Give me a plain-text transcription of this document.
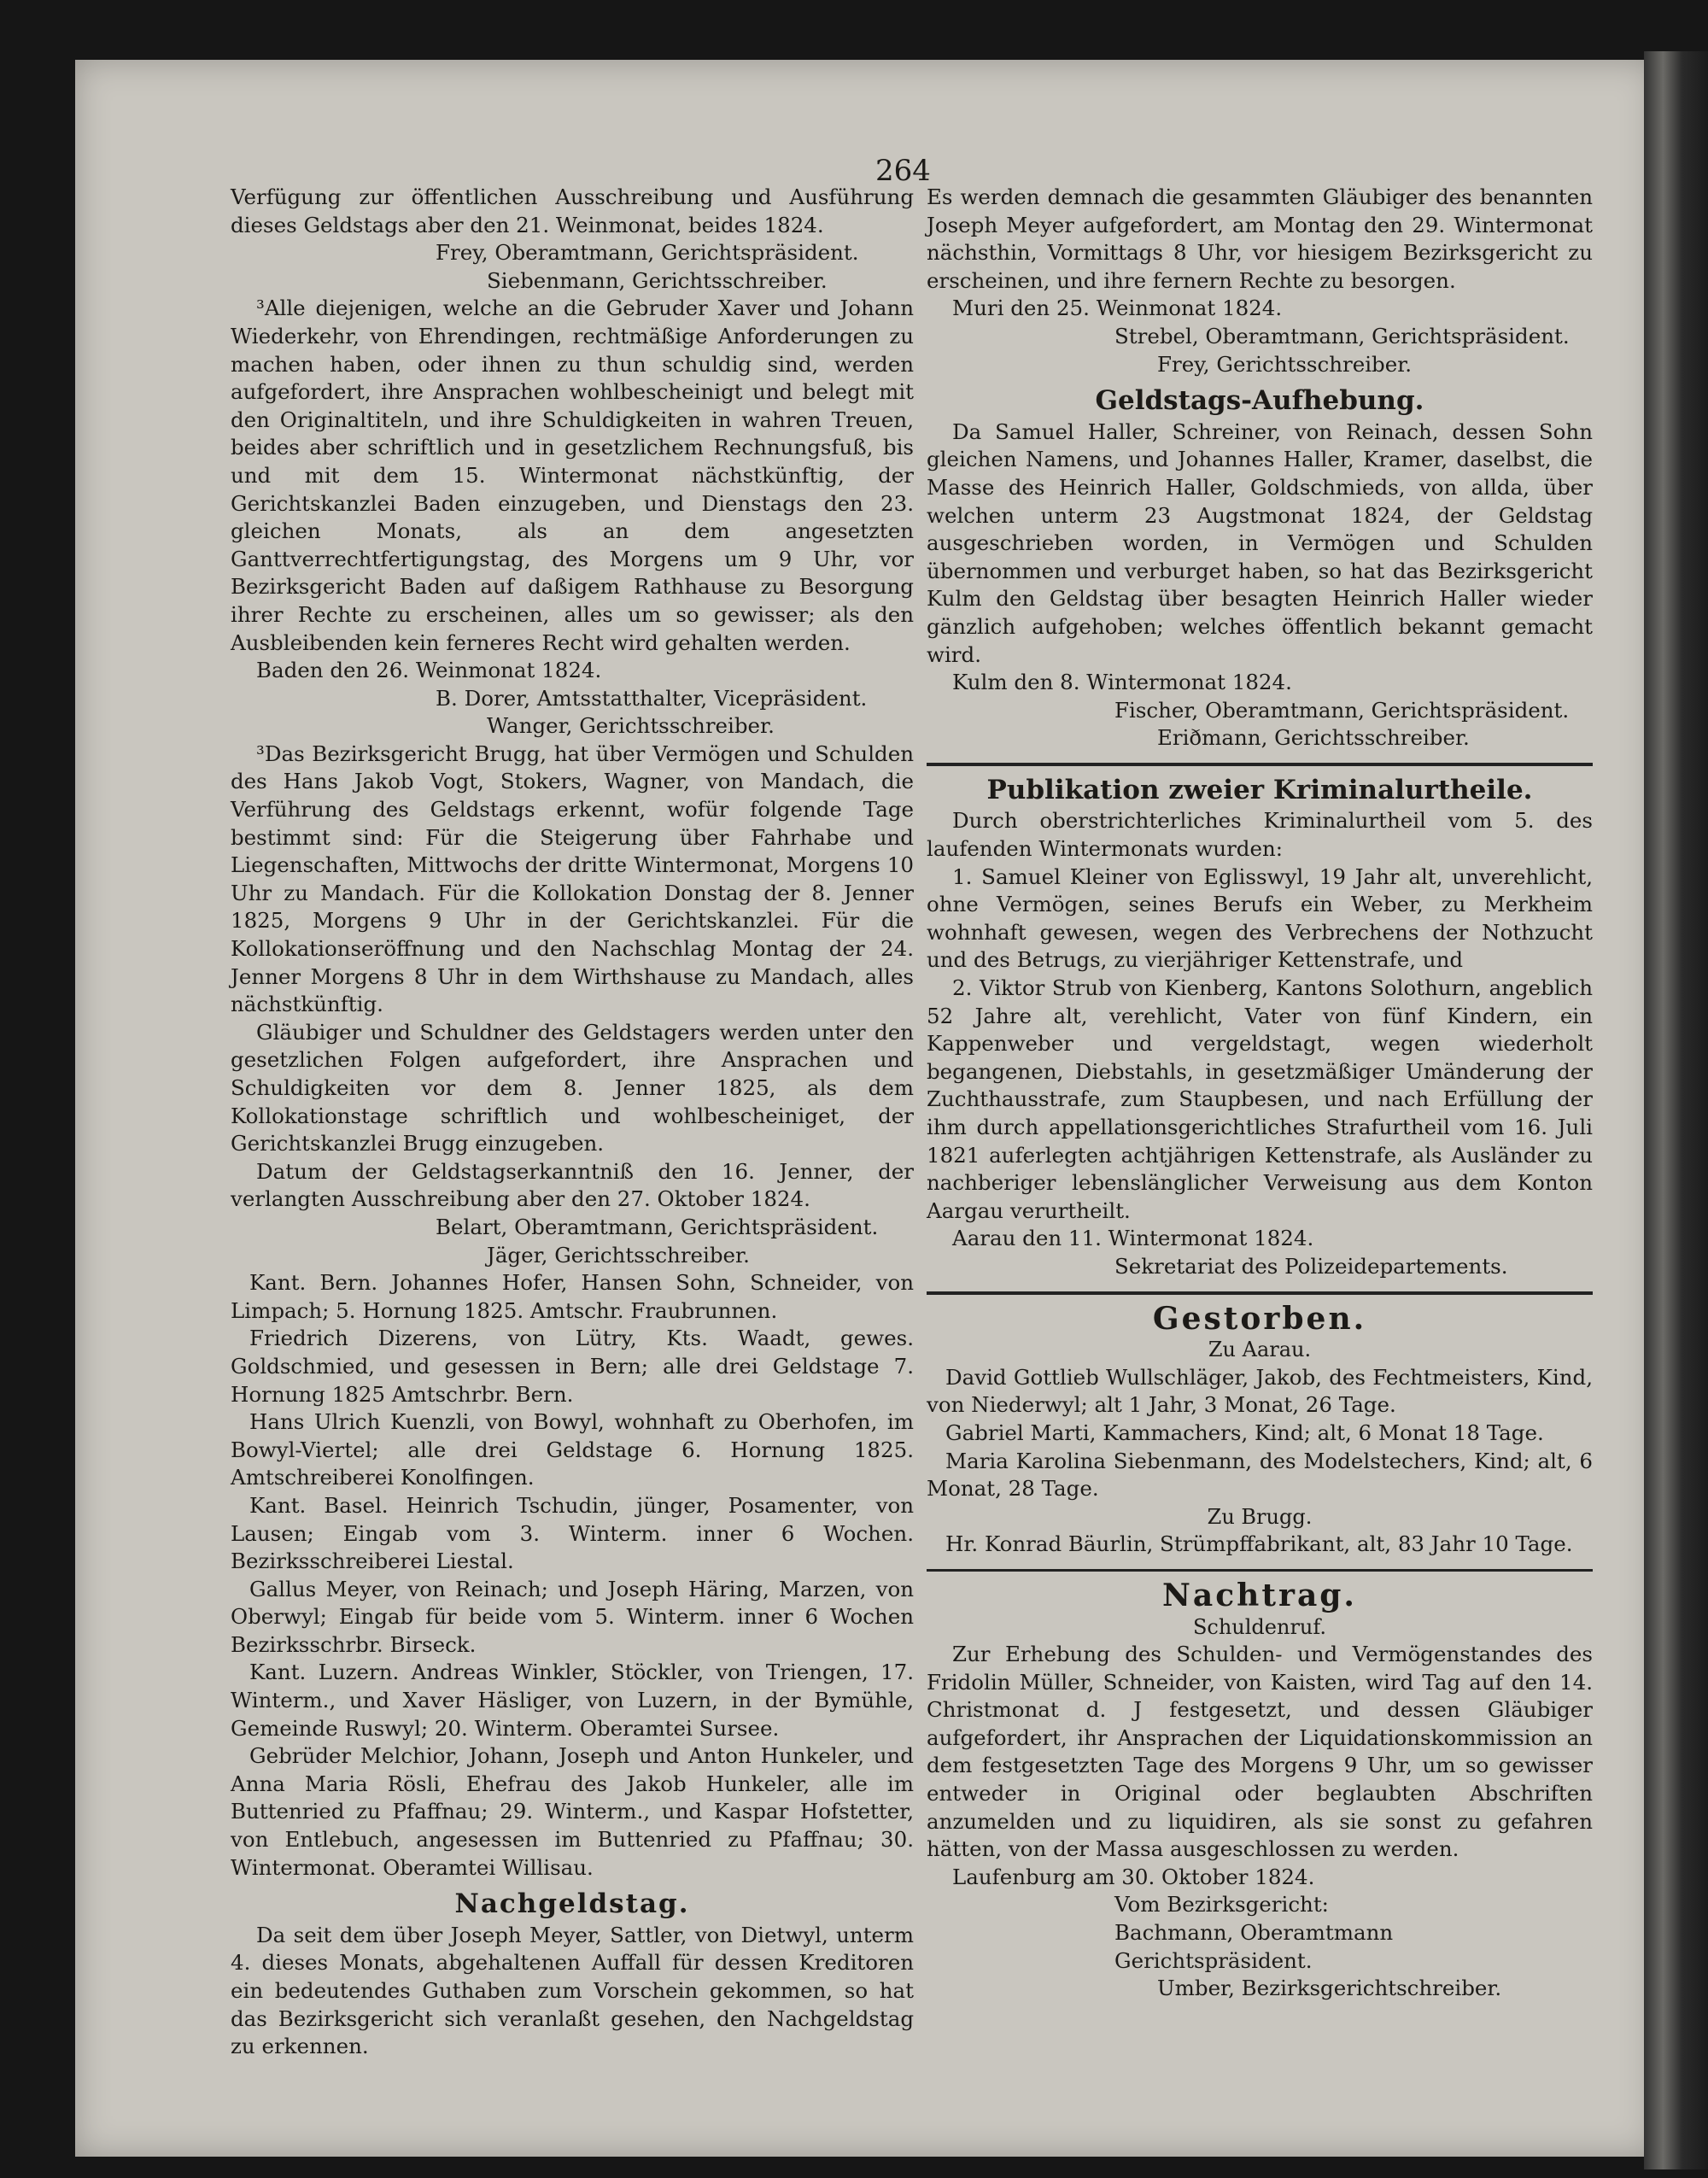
264

Verfügung zur öffentlichen Ausschreibung und Ausführung dieses Geldstags aber den 21. Weinmonat, beides 1824.

Frey, Oberamtmann, Gerichtspräsident.

Siebenmann, Gerichtsschreiber.

³Alle diejenigen, welche an die Gebruder Xaver und Johann Wiederkehr, von Ehrendingen, rechtmäßige Anforderungen zu machen haben, oder ihnen zu thun schuldig sind, werden aufgefordert, ihre Ansprachen wohlbescheinigt und belegt mit den Originaltiteln, und ihre Schuldigkeiten in wahren Treuen, beides aber schriftlich und in gesetzlichem Rechnungsfuß, bis und mit dem 15. Wintermonat nächstkünftig, der Gerichtskanzlei Baden einzugeben, und Dienstags den 23. gleichen Monats, als an dem angesetzten Ganttverrechtfertigungstag, des Morgens um 9 Uhr, vor Bezirksgericht Baden auf daßigem Rathhause zu Besorgung ihrer Rechte zu erscheinen, alles um so gewisser; als den Ausbleibenden kein ferneres Recht wird gehalten werden.

Baden den 26. Weinmonat 1824.

B. Dorer, Amtsstatthalter, Vicepräsident.

Wanger, Gerichtsschreiber.

³Das Bezirksgericht Brugg, hat über Vermögen und Schulden des Hans Jakob Vogt, Stokers, Wagner, von Mandach, die Verführung des Geldstags erkennt, wofür folgende Tage bestimmt sind: Für die Steigerung über Fahrhabe und Liegenschaften, Mittwochs der dritte Wintermonat, Morgens 10 Uhr zu Mandach. Für die Kollokation Donstag der 8. Jenner 1825, Morgens 9 Uhr in der Gerichtskanzlei. Für die Kollokationseröffnung und den Nachschlag Montag der 24. Jenner Morgens 8 Uhr in dem Wirthshause zu Mandach, alles nächstkünftig.

Gläubiger und Schuldner des Geldstagers werden unter den gesetzlichen Folgen aufgefordert, ihre Ansprachen und Schuldigkeiten vor dem 8. Jenner 1825, als dem Kollokationstage schriftlich und wohlbescheiniget, der Gerichtskanzlei Brugg einzugeben.

Datum der Geldstagserkanntniß den 16. Jenner, der verlangten Ausschreibung aber den 27. Oktober 1824.

Belart, Oberamtmann, Gerichtspräsident.

Jäger, Gerichtsschreiber.

Kant. Bern. Johannes Hofer, Hansen Sohn, Schneider, von Limpach; 5. Hornung 1825. Amtschr. Fraubrunnen.

Friedrich Dizerens, von Lütry, Kts. Waadt, gewes. Goldschmied, und gesessen in Bern; alle drei Geldstage 7. Hornung 1825 Amtschrbr. Bern.

Hans Ulrich Kuenzli, von Bowyl, wohnhaft zu Oberhofen, im Bowyl-Viertel; alle drei Geldstage 6. Hornung 1825. Amtschreiberei Konolfingen.

Kant. Basel. Heinrich Tschudin, jünger, Posamenter, von Lausen; Eingab vom 3. Winterm. inner 6 Wochen. Bezirksschreiberei Liestal.

Gallus Meyer, von Reinach; und Joseph Häring, Marzen, von Oberwyl; Eingab für beide vom 5. Winterm. inner 6 Wochen Bezirksschrbr. Birseck.

Kant. Luzern. Andreas Winkler, Stöckler, von Triengen, 17. Winterm., und Xaver Häsliger, von Luzern, in der Bymühle, Gemeinde Ruswyl; 20. Winterm. Oberamtei Sursee.

Gebrüder Melchior, Johann, Joseph und Anton Hunkeler, und Anna Maria Rösli, Ehefrau des Jakob Hunkeler, alle im Buttenried zu Pfaffnau; 29. Winterm., und Kaspar Hofstetter, von Entlebuch, angesessen im Buttenried zu Pfaffnau; 30. Wintermonat. Oberamtei Willisau.

Nachgeldstag.

Da seit dem über Joseph Meyer, Sattler, von Dietwyl, unterm 4. dieses Monats, abgehaltenen Auffall für dessen Kreditoren ein bedeutendes Guthaben zum Vorschein gekommen, so hat das Bezirksgericht sich veranlaßt gesehen, den Nachgeldstag zu erkennen.

Es werden demnach die gesammten Gläubiger des benannten Joseph Meyer aufgefordert, am Montag den 29. Wintermonat nächsthin, Vormittags 8 Uhr, vor hiesigem Bezirksgericht zu erscheinen, und ihre fernern Rechte zu besorgen.

Muri den 25. Weinmonat 1824.

Strebel, Oberamtmann, Gerichtspräsident.

Frey, Gerichtsschreiber.

Geldstags-Aufhebung.

Da Samuel Haller, Schreiner, von Reinach, dessen Sohn gleichen Namens, und Johannes Haller, Kramer, daselbst, die Masse des Heinrich Haller, Goldschmieds, von allda, über welchen unterm 23 Augstmonat 1824, der Geldstag ausgeschrieben worden, in Vermögen und Schulden übernommen und verburget haben, so hat das Bezirksgericht Kulm den Geldstag über besagten Heinrich Haller wieder gänzlich aufgehoben; welches öffentlich bekannt gemacht wird.

Kulm den 8. Wintermonat 1824.

Fischer, Oberamtmann, Gerichtspräsident.

Eriðmann, Gerichtsschreiber.

Publikation zweier Kriminalurtheile.

Durch oberstrichterliches Kriminalurtheil vom 5. des laufenden Wintermonats wurden:

1. Samuel Kleiner von Eglisswyl, 19 Jahr alt, unverehlicht, ohne Vermögen, seines Berufs ein Weber, zu Merkheim wohnhaft gewesen, wegen des Verbrechens der Nothzucht und des Betrugs, zu vierjähriger Kettenstrafe, und

2. Viktor Strub von Kienberg, Kantons Solothurn, angeblich 52 Jahre alt, verehlicht, Vater von fünf Kindern, ein Kappenweber und vergeldstagt, wegen wiederholt begangenen, Diebstahls, in gesetzmäßiger Umänderung der Zuchthausstrafe, zum Staupbesen, und nach Erfüllung der ihm durch appellationsgerichtliches Strafurtheil vom 16. Juli 1821 auferlegten achtjährigen Kettenstrafe, als Ausländer zu nachberiger lebenslänglicher Verweisung aus dem Konton Aargau verurtheilt.

Aarau den 11. Wintermonat 1824.

Sekretariat des Polizeidepartements.

Gestorben.

Zu Aarau.

David Gottlieb Wullschläger, Jakob, des Fechtmeisters, Kind, von Niederwyl; alt 1 Jahr, 3 Monat, 26 Tage.

Gabriel Marti, Kammachers, Kind; alt, 6 Monat 18 Tage.

Maria Karolina Siebenmann, des Modelstechers, Kind; alt, 6 Monat, 28 Tage.

Zu Brugg.

Hr. Konrad Bäurlin, Strümpffabrikant, alt, 83 Jahr 10 Tage.

Nachtrag.

Schuldenruf.

Zur Erhebung des Schulden- und Vermögenstandes des Fridolin Müller, Schneider, von Kaisten, wird Tag auf den 14. Christmonat d. J festgesetzt, und dessen Gläubiger aufgefordert, ihr Ansprachen der Liquidationskommission an dem festgesetzten Tage des Morgens 9 Uhr, um so gewisser entweder in Original oder beglaubten Abschriften anzumelden und zu liquidiren, als sie sonst zu gefahren hätten, von der Massa ausgeschlossen zu werden.

Laufenburg am 30. Oktober 1824.

Vom Bezirksgericht:

Bachmann, Oberamtmann Gerichtspräsident.

Umber, Bezirksgerichtschreiber.
